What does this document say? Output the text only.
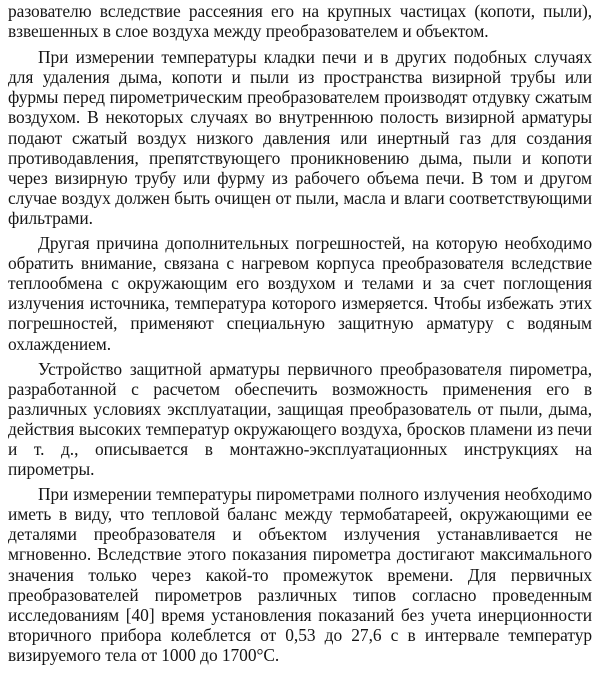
разователю вследствие рассеяния его на крупных частицах (копоти, пыли), взвешенных в слое воздуха между преобразователем и объектом.

При измерении температуры кладки печи и в других подобных случаях для удаления дыма, копоти и пыли из пространства визирной трубы или фурмы перед пирометрическим преобразователем производят отдувку сжатым воздухом. В некоторых случаях во внутреннюю полость визирной арматуры подают сжатый воздух низкого давления или инертный газ для создания противодавления, препятствующего проникновению дыма, пыли и копоти через визирную трубу или фурму из рабочего объема печи. В том и другом случае воздух должен быть очищен от пыли, масла и влаги соответствующими фильтрами.

Другая причина дополнительных погрешностей, на которую необходимо обратить внимание, связана с нагревом корпуса преобразователя вследствие теплообмена с окружающим его воздухом и телами и за счет поглощения излучения источника, температура которого измеряется. Чтобы избежать этих погрешностей, применяют специальную защитную арматуру с водяным охлаждением.

Устройство защитной арматуры первичного преобразователя пирометра, разработанной с расчетом обеспечить возможность применения его в различных условиях эксплуатации, защищая преобразователь от пыли, дыма, действия высоких температур окружающего воздуха, бросков пламени из печи и т. д., описывается в монтажно-эксплуатационных инструкциях на пирометры.

При измерении температуры пирометрами полного излучения необходимо иметь в виду, что тепловой баланс между термобатареей, окружающими ее деталями преобразователя и объектом излучения устанавливается не мгновенно. Вследствие этого показания пирометра достигают максимального значения только через какой-то промежуток времени. Для первичных преобразователей пирометров различных типов согласно проведенным исследованиям [40] время установления показаний без учета инерционности вторичного прибора колеблется от 0,53 до 27,6 с в интервале температур визируемого тела от 1000 до 1700°С.
